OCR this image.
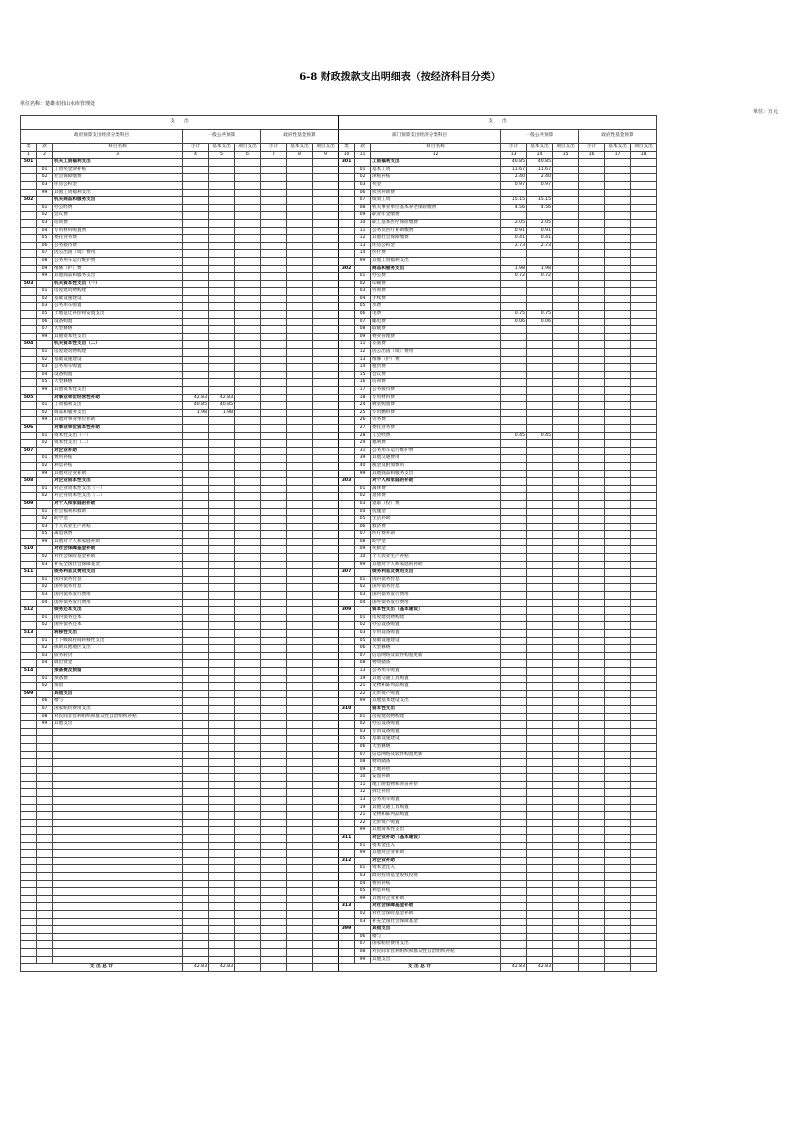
6-8 财政拨款支出明细表（按经济科目分类）
单位名称：楚雄市团山水库管理处
单位：万元
支　　出									支　　出								
政府预算支出经济分类科目			一般公共预算			政府性基金预算			部门预算支出经济分类科目			一般公共预算			政府性基金预算		
类	款	科目名称	小计	基本支出	项目支出	小计	基本支出	项目支出	类	款	科目名称	小计	基本支出	项目支出	小计	基本支出	项目支出
1	2	3	4	5	6	7	8	9	10	11	12	13	14	15	16	17	18
501		机关工资福利支出							301		工资福利支出	40.85	40.85				
	01	工资奖金津补贴								01	基本工资	11.67	11.67				
	02	社会保障缴费								02	津贴补贴	2.40	2.40				
	03	住房公积金								03	奖金	0.97	0.97				
	99	其他工资福利支出								06	伙食补助费						
502		机关商品和服务支出								07	绩效工资	15.15	15.15				
	01	办公经费								08	机关事业单位基本养老保险缴费	4.56	4.56				
	02	会议费								09	职业年金缴费						
	03	培训费								10	职工基本医疗保险缴费	2.05	2.05				
	04	专用材料购置费								11	公务员医疗补助缴费	0.91	0.91				
	05	委托业务费								12	其他社会保障缴费	0.41	0.41				
	06	公务接待费								13	住房公积金	2.73	2.73				
	07	因公出国（境）费用								14	医疗费						
	08	公务用车运行维护费								99	其他工资福利支出						
	09	维修（护）费							302		商品和服务支出	1.98	1.98				
	99	其他商品和服务支出								01	办公费	0.72	0.72				
503		机关资本性支出（一）								02	印刷费						
	01	房屋建筑物购建								03	咨询费						
	02	基础设施建设								04	手续费						
	03	公务用车购置								05	水费						
	05	土地征迁补偿和安置支出								06	电费	0.75	0.75				
	06	设备购置								07	邮电费	0.06	0.06				
	07	大型修缮								08	取暖费						
	99	其他资本性支出								09	物业管理费						
504		机关资本性支出（二）								11	差旅费						
	01	房屋建筑物购建								12	因公出国（境）费用						
	02	基础设施建设								13	维修（护）费						
	03	公务用车购置								14	租赁费						
	04	设备购置								15	会议费						
	05	大型修缮								16	培训费						
	99	其他资本性支出								17	公务接待费						
505		对事业单位经常性补助	42.83	42.83						18	专用材料费						
	01	工资福利支出	40.85	40.85						24	被装购置费						
	02	商品和服务支出	1.98	1.98						25	专用燃料费						
	99	其他对事业单位补助								26	劳务费						
506		对事业单位资本性补助								27	委托业务费						
	01	资本性支出（一）								28	工会经费	0.45	0.45				
	02	资本性支出（二）								29	福利费						
507		对企业补助								31	公务用车运行维护费						
	01	费用补贴								39	其他交通费用						
	02	利息补贴								40	税金及附加费用						
	99	其他对企业补助								99	其他商品和服务支出						
508		对企业资本性支出							303		对个人和家庭的补助						
	01	对企业资本性支出（一）								01	离休费						
	02	对企业资本性支出（二）								02	退休费						
509		对个人和家庭的补助								03	退职（役）费						
	01	社会福利和救助								04	抚恤金						
	02	助学金								05	生活补助						
	03	个人农业生产补贴								06	救济费						
	05	离退休费								07	医疗费补助						
	99	其他对个人和家庭补助								08	助学金						
510		对社会保障基金补助								09	奖励金						
	02	对社会保险基金补助								10	个人农业生产补贴						
	03	补充全国社会保障基金								99	其他对个人和家庭的补助						
511		债务利息及费用支出							307		债务利息及费用支出						
	01	国内债务付息								01	国内债务付息						
	02	国外债务付息								02	国外债务付息						
	03	国内债务发行费用								03	国内债务发行费用						
	04	国外债务发行费用								04	国外债务发行费用						
512		债务还本支出							309		资本性支出（基本建设）						
	01	国内债务还本								01	房屋建筑物购建						
	02	国外债务还本								02	办公设备购置						
513		转移性支出								03	专用设备购置						
	01	上下级政府间转移性支出								05	基础设施建设						
	02	援助其他地区支出								06	大型修缮						
	03	债务转贷								07	信息网络及软件购置更新						
	04	调出资金								08	物资储备						
514		预备费及预留								13	公务用车购置						
	01	预备费								19	其他交通工具购置						
	02	预留								21	文物和陈列品购置						
599		其他支出								22	无形资产购置						
	06	赠与								99	其他基本建设支出						
	07	国家赔偿费用支出							310		资本性支出						
	08	对民间非营利组织和群众性自治组织补贴								01	房屋建筑物购建						
	99	其他支出								02	办公设备购置						
										03	专用设备购置						
										05	基础设施建设						
										06	大型修缮						
										07	信息网络及软件购置更新						
										08	物资储备						
										09	土地补偿						
										10	安置补助						
										11	地上附着物和青苗补偿						
										12	拆迁补偿						
										13	公务用车购置						
										19	其他交通工具购置						
										21	文物和陈列品购置						
										22	无形资产购置						
										99	其他资本性支出						
									311		对企业补助（基本建设）						
										01	资本金注入						
										99	其他对企业补助						
									312		对企业补助						
										01	资本金注入						
										03	政府投资基金股权投资						
										04	费用补贴						
										05	利息补贴						
										99	其他对企业补助						
									313		对社会保障基金补助						
										02	对社会保险基金补助						
										03	补充全国社会保障基金						
									399		其他支出						
										06	赠与						
										07	国家赔偿费用支出						
										08	对民间非营利组织和群众性自治组织补贴						
										99	其他支出						
支 出 总 计			42.83	42.83					支 出 总 计			42.83	42.83				
